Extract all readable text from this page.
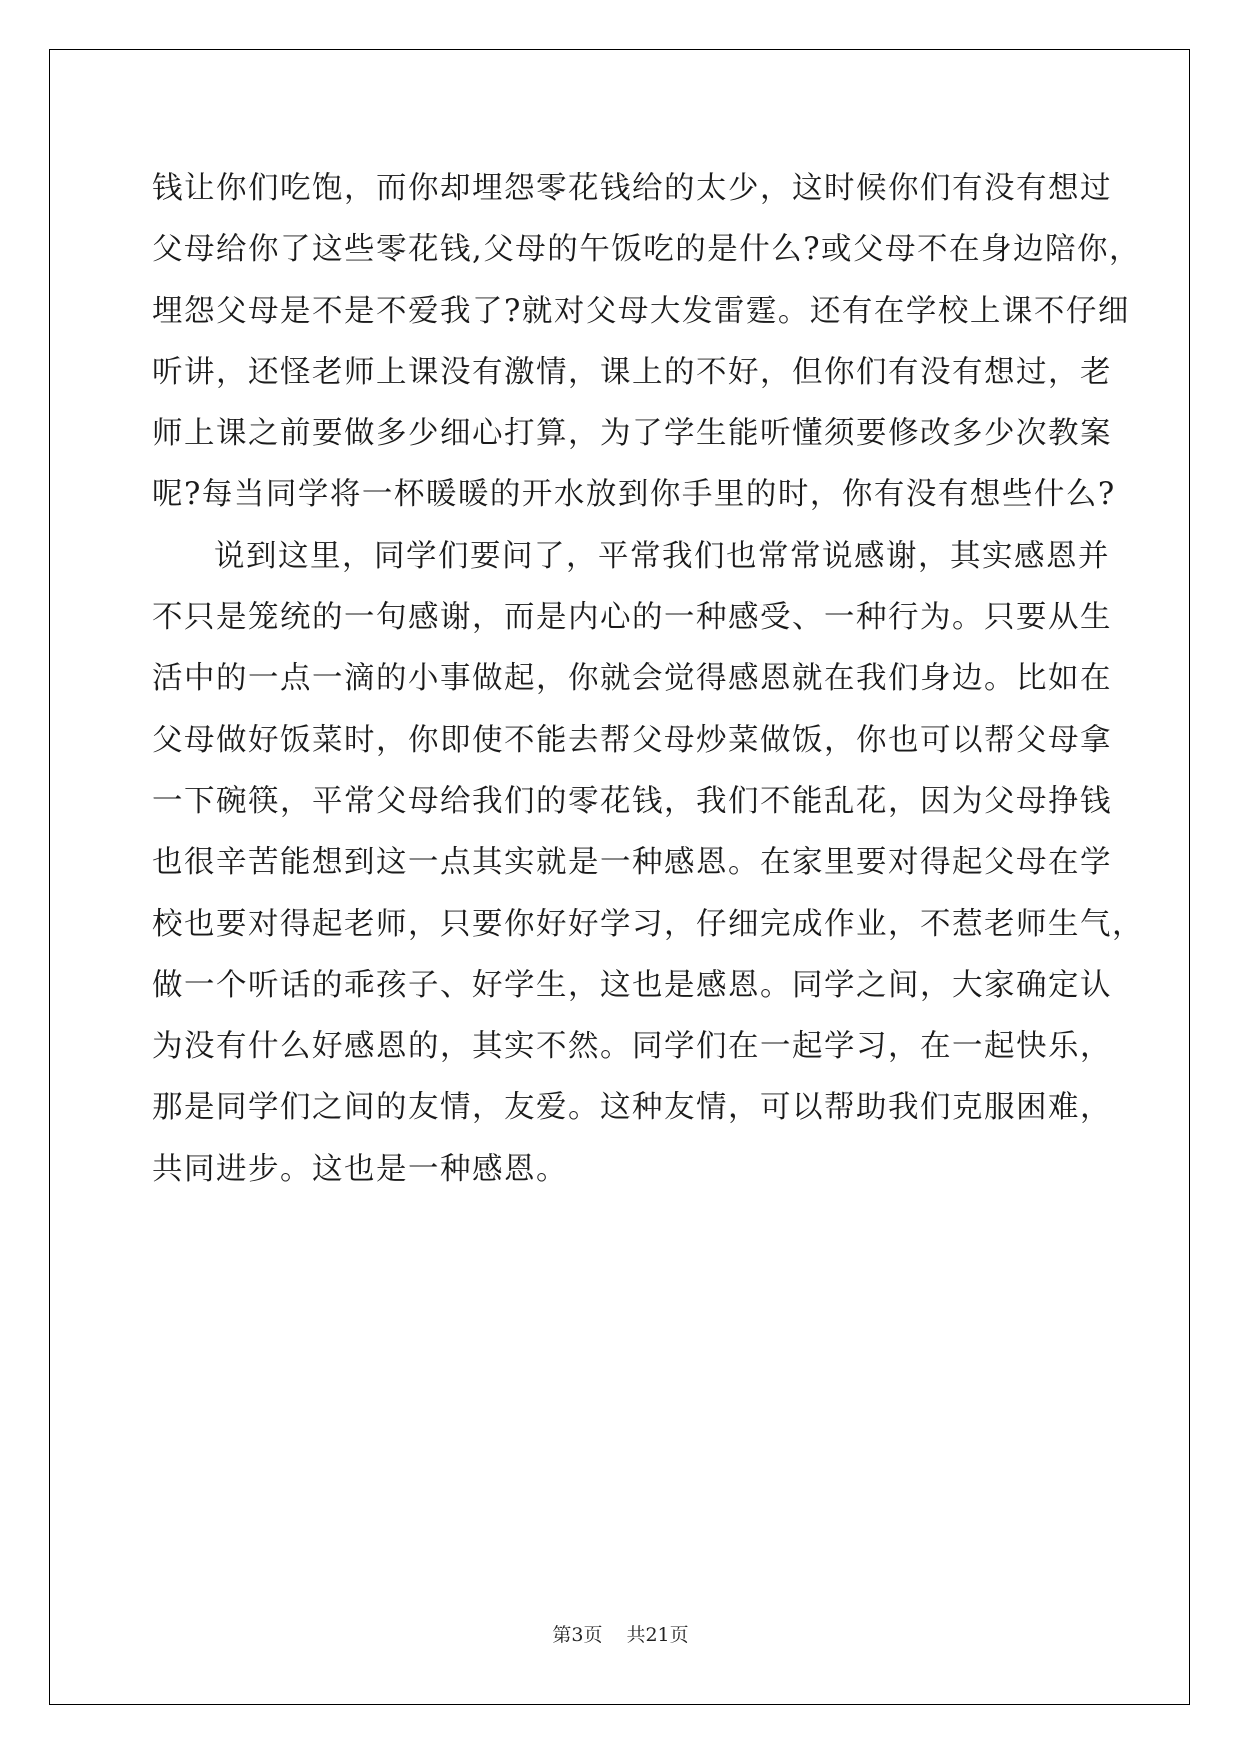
钱让你们吃饱，而你却埋怨零花钱给的太少，这时候你们有没有想过
父母给你了这些零花钱,父母的午饭吃的是什么?或父母不在身边陪你，
埋怨父母是不是不爱我了?就对父母大发雷霆。还有在学校上课不仔细
听讲，还怪老师上课没有激情，课上的不好，但你们有没有想过，老
师上课之前要做多少细心打算，为了学生能听懂须要修改多少次教案
呢?每当同学将一杯暖暖的开水放到你手里的时，你有没有想些什么?
说到这里，同学们要问了，平常我们也常常说感谢，其实感恩并
不只是笼统的一句感谢，而是内心的一种感受、一种行为。只要从生
活中的一点一滴的小事做起，你就会觉得感恩就在我们身边。比如在
父母做好饭菜时，你即使不能去帮父母炒菜做饭，你也可以帮父母拿
一下碗筷，平常父母给我们的零花钱，我们不能乱花，因为父母挣钱
也很辛苦能想到这一点其实就是一种感恩。在家里要对得起父母在学
校也要对得起老师，只要你好好学习，仔细完成作业，不惹老师生气，
做一个听话的乖孩子、好学生，这也是感恩。同学之间，大家确定认
为没有什么好感恩的，其实不然。同学们在一起学习，在一起快乐，
那是同学们之间的友情，友爱。这种友情，可以帮助我们克服困难，
共同进步。这也是一种感恩。
第3页 共21页
